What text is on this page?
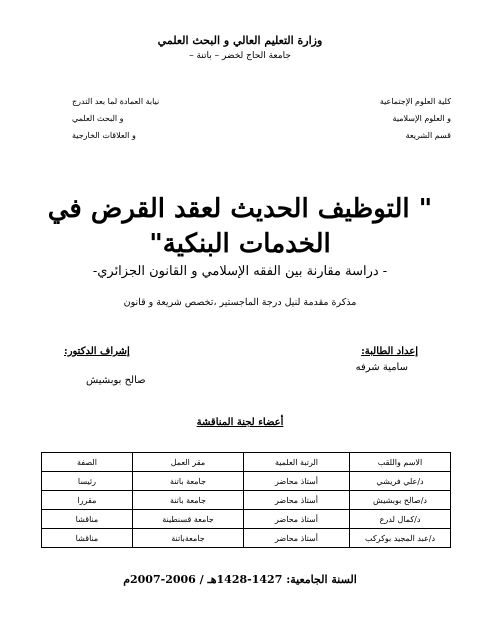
وزارة التعليم العالي و البحث العلمي
جامعة الحاج لخضر – باتنة –
كلية العلوم الإجتماعية
و العلوم الإسلامية
قسم الشريعة
نيابة العمادة لما بعد التدرج
و البحث العلمي
و العلاقات الخارجية
" التوظيف الحديث لعقد القرض في
الخدمات البنكية"
- دراسة مقارنة بين الفقه الإسلامي و القانون الجزائري-
مذكرة مقدمة لنيل درجة الماجستير ،تخصص شريعة و قانون
إعداد الطالبة:
سامية شرفه
إشراف الدكتور:
صالح بوبشيش
أعضاء لجنة المناقشة
الاسم واللقب	الرتبة العلمية	مقر العمل	الصفة
د/علي فريشي	أستاذ محاضر	جامعة باتنة	رئيسا
د/صالح بوبشيش	أستاذ محاضر	جامعة باتنة	مقررا
د/كمال لدرع	أستاذ محاضر	جامعة قسنطينة	مناقشا
د/عبد المجيد بوكركب	أستاذ محاضر	جامعةباتنة	مناقشا
السنة الجامعية: 1427-1428هـ / 2006-2007م
